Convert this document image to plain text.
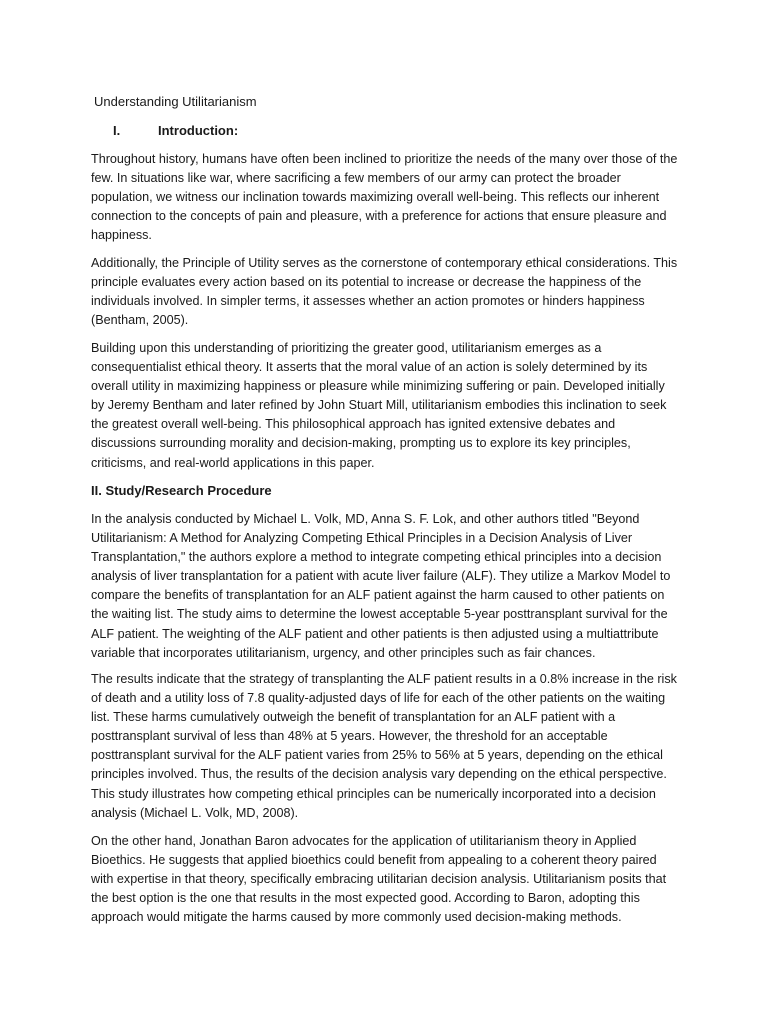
Understanding Utilitarianism

I.	Introduction:

Throughout history, humans have often been inclined to prioritize the needs of the many over those of the few. In situations like war, where sacrificing a few members of our army can protect the broader population, we witness our inclination towards maximizing overall well-being. This reflects our inherent connection to the concepts of pain and pleasure, with a preference for actions that ensure pleasure and happiness.

Additionally, the Principle of Utility serves as the cornerstone of contemporary ethical considerations. This principle evaluates every action based on its potential to increase or decrease the happiness of the individuals involved. In simpler terms, it assesses whether an action promotes or hinders happiness (Bentham, 2005).

Building upon this understanding of prioritizing the greater good, utilitarianism emerges as a consequentialist ethical theory. It asserts that the moral value of an action is solely determined by its overall utility in maximizing happiness or pleasure while minimizing suffering or pain. Developed initially by Jeremy Bentham and later refined by John Stuart Mill, utilitarianism embodies this inclination to seek the greatest overall well-being. This philosophical approach has ignited extensive debates and discussions surrounding morality and decision-making, prompting us to explore its key principles, criticisms, and real-world applications in this paper.

II. Study/Research Procedure

In the analysis conducted by Michael L. Volk, MD, Anna S. F. Lok, and other authors titled "Beyond Utilitarianism: A Method for Analyzing Competing Ethical Principles in a Decision Analysis of Liver Transplantation," the authors explore a method to integrate competing ethical principles into a decision analysis of liver transplantation for a patient with acute liver failure (ALF). They utilize a Markov Model to compare the benefits of transplantation for an ALF patient against the harm caused to other patients on the waiting list. The study aims to determine the lowest acceptable 5-year posttransplant survival for the ALF patient. The weighting of the ALF patient and other patients is then adjusted using a multiattribute variable that incorporates utilitarianism, urgency, and other principles such as fair chances.

The results indicate that the strategy of transplanting the ALF patient results in a 0.8% increase in the risk of death and a utility loss of 7.8 quality-adjusted days of life for each of the other patients on the waiting list. These harms cumulatively outweigh the benefit of transplantation for an ALF patient with a posttransplant survival of less than 48% at 5 years. However, the threshold for an acceptable posttransplant survival for the ALF patient varies from 25% to 56% at 5 years, depending on the ethical principles involved. Thus, the results of the decision analysis vary depending on the ethical perspective. This study illustrates how competing ethical principles can be numerically incorporated into a decision analysis (Michael L. Volk, MD, 2008).

On the other hand, Jonathan Baron advocates for the application of utilitarianism theory in Applied Bioethics. He suggests that applied bioethics could benefit from appealing to a coherent theory paired with expertise in that theory, specifically embracing utilitarian decision analysis. Utilitarianism posits that the best option is the one that results in the most expected good. According to Baron, adopting this approach would mitigate the harms caused by more commonly used decision-making methods.
